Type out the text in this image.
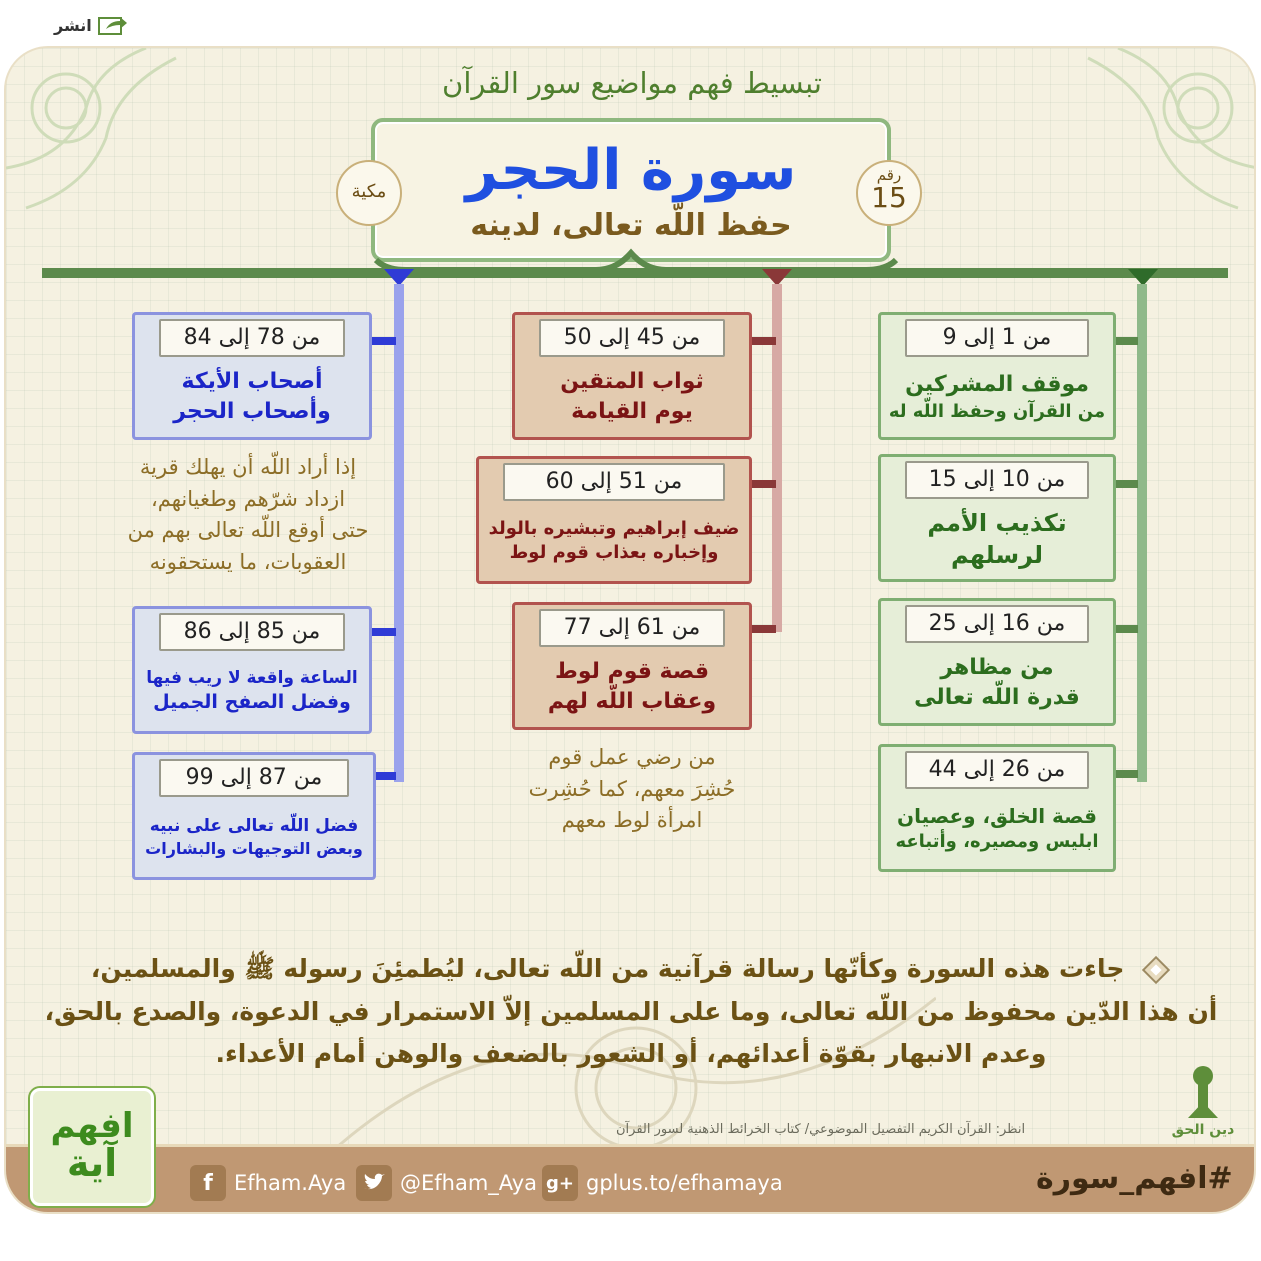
انشر
تبسيط فهم مواضيع سور القرآن
سورة الحجر
حفظ اللّه تعالى، لدينه
مكية
رقم
15
من 1 إلى 9
موقف المشركين
من القرآن وحفظ اللّه له
من 10 إلى 15
تكذيب الأمم
لرسلهم
من 16 إلى 25
من مظاهر
قدرة اللّه تعالى
من 26 إلى 44
قصة الخلق، وعصيان
ابليس ومصيره، وأتباعه
من 45 إلى 50
ثواب المتقين
يوم القيامة
من 51 إلى 60
ضيف إبراهيم وتبشيره بالولد
وإخباره بعذاب قوم لوط
من 61 إلى 77
قصة قوم لوط
وعقاب اللّه لهم
من رضي عمل قوم
حُشِرَ معهم، كما حُشِرت
امرأة لوط معهم
من 78 إلى 84
أصحاب الأيكة
وأصحاب الحجر
إذا أراد اللّه أن يهلك قرية
ازداد شرّهم وطغيانهم،
حتى أوقع اللّه تعالى بهم من
العقوبات، ما يستحقونه
من 85 إلى 86
الساعة واقعة لا ريب فيها
وفضل الصفح الجميل
من 87 إلى 99
فضل اللّه تعالى على نبيه
وبعض التوجيهات والبشارات
جاءت هذه السورة وكأنّها رسالة قرآنية من اللّه تعالى، ليُطمئِنَ رسوله ﷺ والمسلمين،
أن هذا الدّين محفوظ من اللّه تعالى، وما على المسلمين إلاّ الاستمرار في الدعوة، والصدع بالحق،
وعدم الانبهار بقوّة أعدائهم، أو الشعور بالضعف والوهن أمام الأعداء.
انظر: القرآن الكريم التفصيل الموضوعي/ كتاب الخرائط الذهنية لسور القرآن	دين الحق
f	Efham.Aya	@Efham_Aya g+ gplus.to/efhamaya	#افهم_سورة
افهم
آية
